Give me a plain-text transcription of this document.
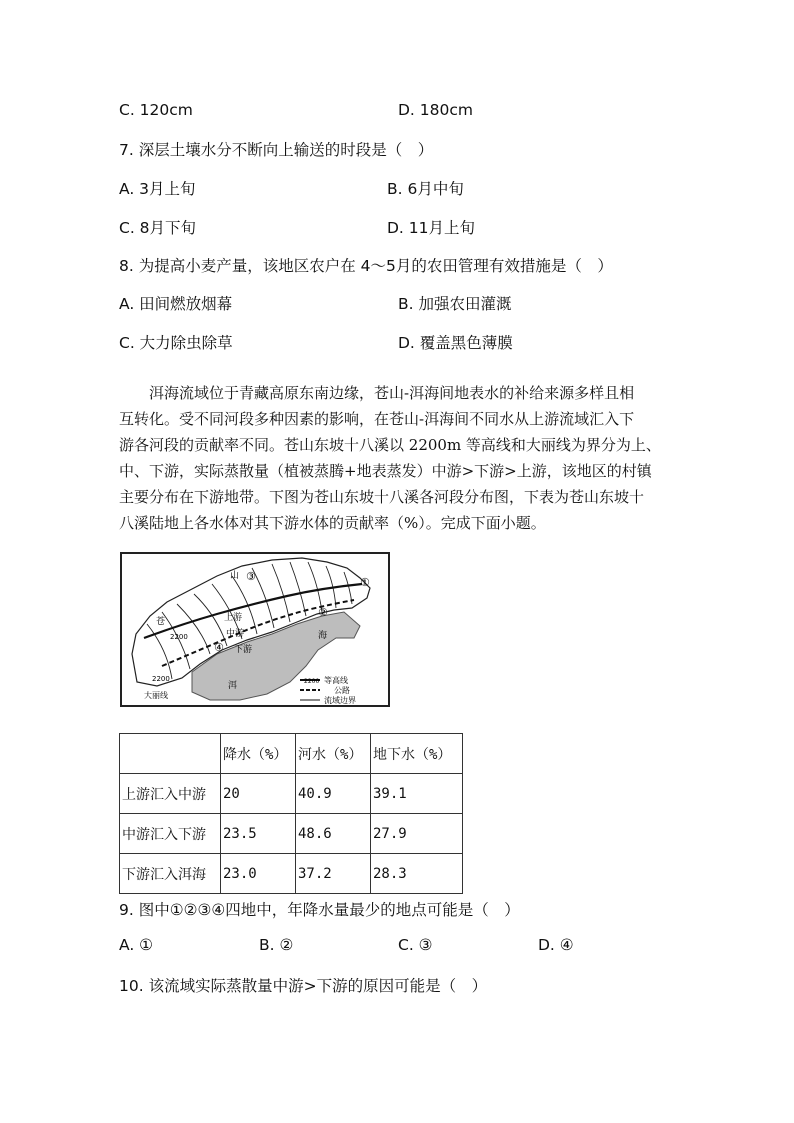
C. 120cm	D. 180cm
7. 深层土壤水分不断向上输送的时段是（　）
A. 3月上旬	B. 6月中旬
C. 8月下旬	D. 11月上旬
8. 为提高小麦产量，该地区农户在 4～5月的农田管理有效措施是（　）
A. 田间燃放烟幕	B. 加强农田灌溉
C. 大力除虫除草	D. 覆盖黑色薄膜
洱海流域位于青藏高原东南边缘，苍山-洱海间地表水的补给来源多样且相
互转化。受不同河段多种因素的影响，在苍山-洱海间不同水从上游流域汇入下
游各河段的贡献率不同。苍山东坡十八溪以 2200m 等高线和大丽线为界分为上、
中、下游，实际蒸散量（植被蒸腾+地表蒸发）中游>下游>上游，该地区的村镇
主要分布在下游地带。下图为苍山东坡十八溪各河段分布图，下表为苍山东坡十
八溪陆地上各水体对其下游水体的贡献率（%）。完成下面小题。
2200 等高线
公路
流域边界
山
苍
海
洱
上游
中游
下游
2200
2200
大丽线
①
②
③
④
	降水（%）	河水（%）	地下水（%）
上游汇入中游	20	40.9	39.1
中游汇入下游	23.5	48.6	27.9
下游汇入洱海	23.0	37.2	28.3
9. 图中①②③④四地中，年降水量最少的地点可能是（　）
A. ①	B. ②	C. ③	D. ④
10. 该流域实际蒸散量中游>下游的原因可能是（　）
